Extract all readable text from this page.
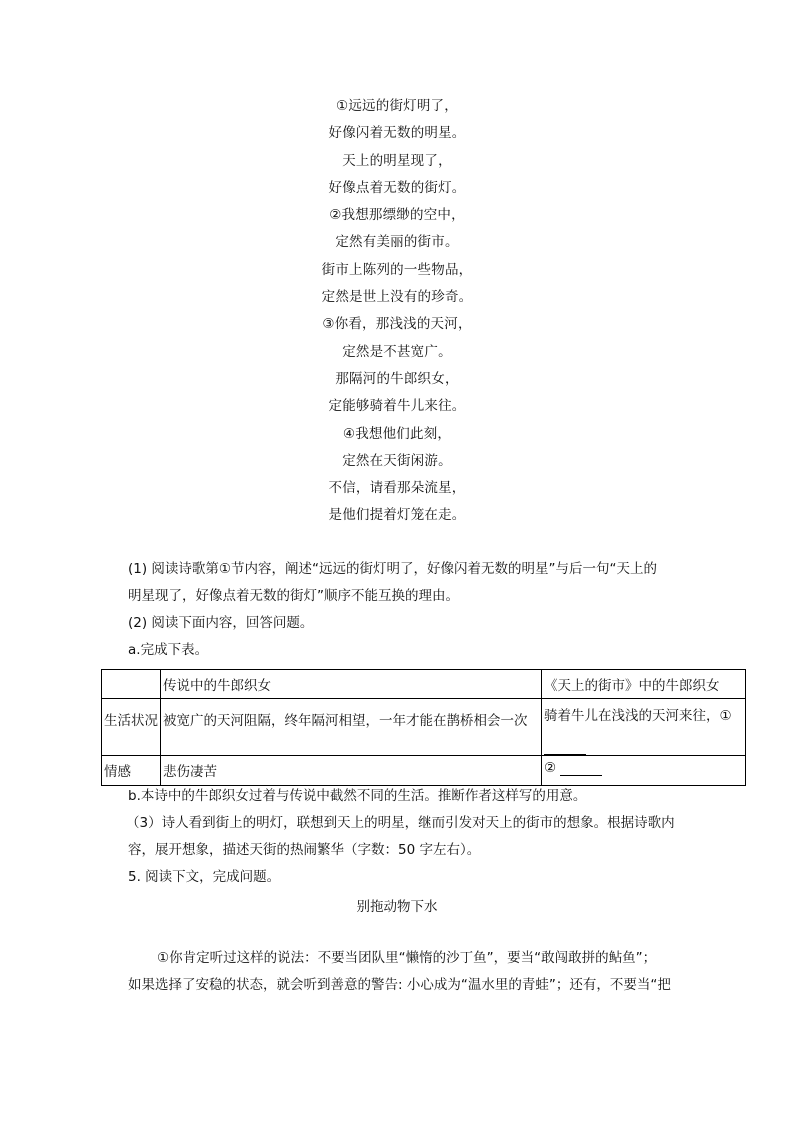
①远远的街灯明了，
好像闪着无数的明星。
天上的明星现了，
好像点着无数的街灯。
②我想那缥缈的空中，
定然有美丽的街市。
街市上陈列的一些物品，
定然是世上没有的珍奇。
③你看，那浅浅的天河，
定然是不甚宽广。
那隔河的牛郎织女，
定能够骑着牛儿来往。
④我想他们此刻，
定然在天街闲游。
不信，请看那朵流星，
是他们提着灯笼在走。
(1) 阅读诗歌第①节内容，阐述“远远的街灯明了，好像闪着无数的明星”与后一句“天上的
明星现了，好像点着无数的街灯”顺序不能互换的理由。
(2) 阅读下面内容，回答问题。
a.完成下表。
	传说中的牛郎织女	《天上的街市》中的牛郎织女
生活状况	被宽广的天河阻隔，终年隔河相望，一年才能在鹊桥相会一次	骑着牛儿在浅浅的天河来往，①

情感	悲伤凄苦	②
b.本诗中的牛郎织女过着与传说中截然不同的生活。推断作者这样写的用意。
（3）诗人看到街上的明灯，联想到天上的明星，继而引发对天上的街市的想象。根据诗歌内
容，展开想象，描述天街的热闹繁华（字数：50 字左右）。
5. 阅读下文，完成问题。
别拖动物下水
①你肯定听过这样的说法：不要当团队里“懒惰的沙丁鱼”，要当“敢闯敢拼的鲇鱼”；
如果选择了安稳的状态，就会听到善意的警告: 小心成为“温水里的青蛙”；还有，不要当“把
